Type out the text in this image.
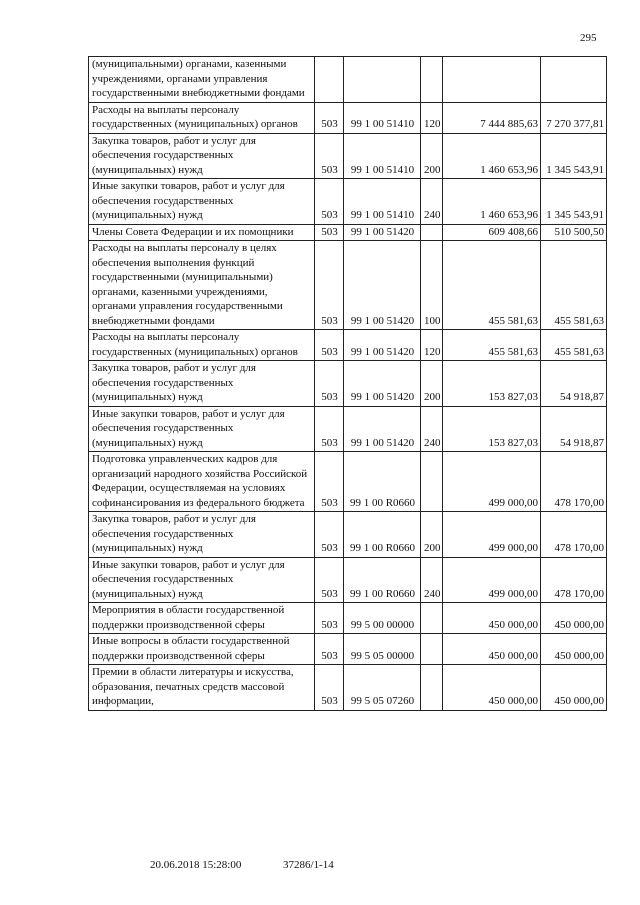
295
(муниципальными) органами, казенными учреждениями, органами управления государственными внебюджетными фондами					
Расходы на выплаты персоналу государственных (муниципальных) органов	503	99 1 00 51410	120	7 444 885,63	7 270 377,81
Закупка товаров, работ и услуг для обеспечения государственных (муниципальных) нужд	503	99 1 00 51410	200	1 460 653,96	1 345 543,91
Иные закупки товаров, работ и услуг для обеспечения государственных (муниципальных) нужд	503	99 1 00 51410	240	1 460 653,96	1 345 543,91
Члены Совета Федерации и их помощники	503	99 1 00 51420		609 408,66	510 500,50
Расходы на выплаты персоналу в целях обеспечения выполнения функций государственными (муниципальными) органами, казенными учреждениями, органами управления государственными внебюджетными фондами	503	99 1 00 51420	100	455 581,63	455 581,63
Расходы на выплаты персоналу государственных (муниципальных) органов	503	99 1 00 51420	120	455 581,63	455 581,63
Закупка товаров, работ и услуг для обеспечения государственных (муниципальных) нужд	503	99 1 00 51420	200	153 827,03	54 918,87
Иные закупки товаров, работ и услуг для обеспечения государственных (муниципальных) нужд	503	99 1 00 51420	240	153 827,03	54 918,87
Подготовка управленческих кадров для организаций народного хозяйства Российской Федерации, осуществляемая на условиях софинансирования из федерального бюджета	503	99 1 00 R0660		499 000,00	478 170,00
Закупка товаров, работ и услуг для обеспечения государственных (муниципальных) нужд	503	99 1 00 R0660	200	499 000,00	478 170,00
Иные закупки товаров, работ и услуг для обеспечения государственных (муниципальных) нужд	503	99 1 00 R0660	240	499 000,00	478 170,00
Мероприятия в области государственной поддержки производственной сферы	503	99 5 00 00000		450 000,00	450 000,00
Иные вопросы в области государственной поддержки производственной сферы	503	99 5 05 00000		450 000,00	450 000,00
Премии в области литературы и искусства, образования, печатных средств массовой информации,	503	99 5 05 07260		450 000,00	450 000,00
20.06.2018 15:28:00	37286/1-14
